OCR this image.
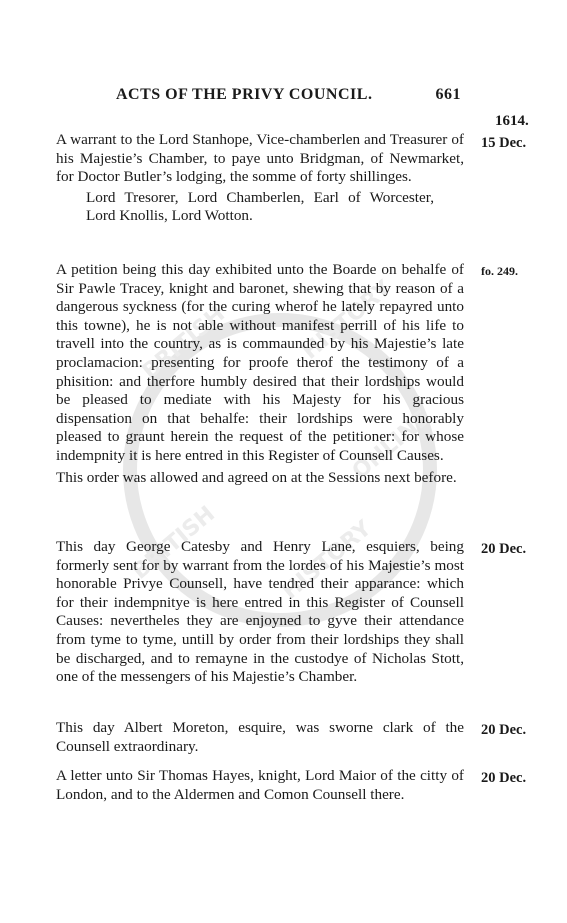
BRITISH	HISTORY
ONLINE
BRITISH	HISTORY
ACTS OF THE PRIVY COUNCIL.	661
1614.
15 Dec.

A warrant to the Lord Stanhope, Vice-chamberlen and Treasurer of his Majestie’s Chamber, to paye unto Bridgman, of Newmarket, for Doctor Butler’s lodging, the somme of forty shillinges.

Lord Tresorer, Lord Chamberlen, Earl of Worcester, Lord Knollis, Lord Wotton.

fo. 249.

A petition being this day exhibited unto the Boarde on behalfe of Sir Pawle Tracey, knight and baronet, shewing that by reason of a dangerous syckness (for the curing wherof he lately repayred unto this towne), he is not able without manifest perrill of his life to travell into the country, as is commaunded by his Majestie’s late proclamacion: presenting for proofe therof the testimony of a phisition: and therfore humbly desired that their lordships would be pleased to mediate with his Majesty for his gracious dispensation on that behalfe: their lordships were honorably pleased to graunt herein the request of the petitioner: for whose indempnity it is here entred in this Register of Counsell Causes.

This order was allowed and agreed on at the Sessions next before.

20 Dec.

This day George Catesby and Henry Lane, esquiers, being formerly sent for by warrant from the lordes of his Majestie’s most honorable Privye Counsell, have tendred their apparance: which for their indempnitye is here entred in this Register of Counsell Causes: nevertheles they are enjoyned to gyve their attendance from tyme to tyme, untill by order from their lordships they shall be discharged, and to remayne in the custodye of Nicholas Stott, one of the messengers of his Majestie’s Chamber.

20 Dec.

This day Albert Moreton, esquire, was sworne clark of the Counsell extraordinary.

20 Dec.

A letter unto Sir Thomas Hayes, knight, Lord Maior of the citty of London, and to the Aldermen and Comon Counsell there.
